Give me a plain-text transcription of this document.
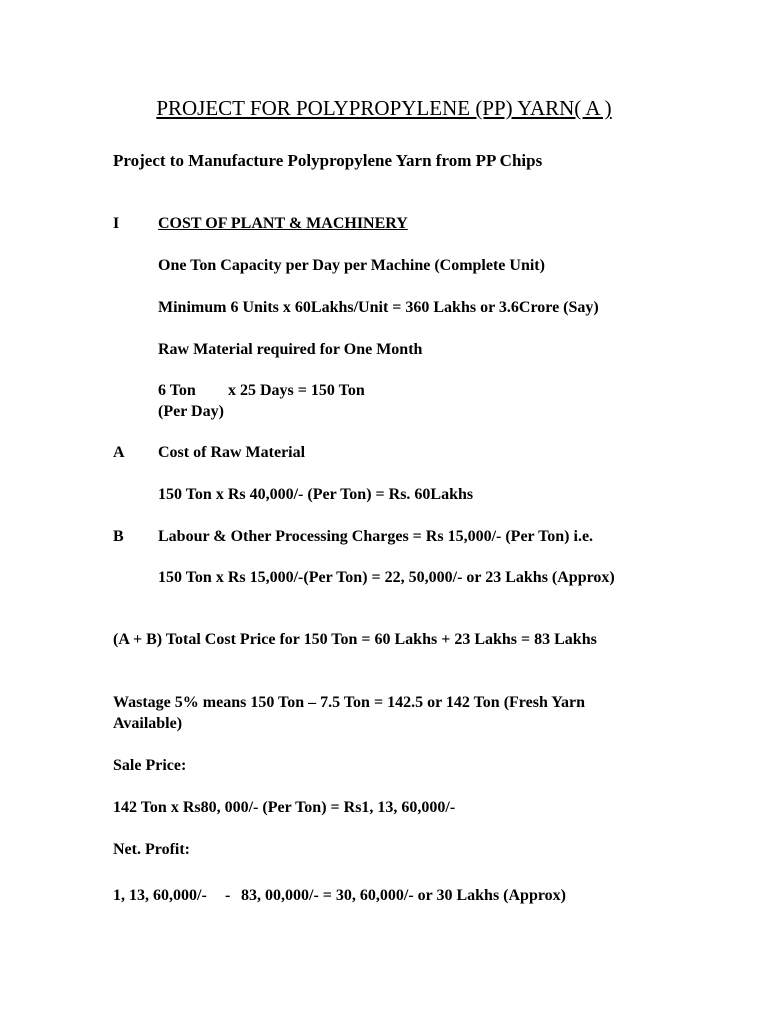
PROJECT FOR POLYPROPYLENE (PP) YARN( A )
Project to Manufacture Polypropylene Yarn from PP Chips
I COST OF PLANT & MACHINERY
One Ton Capacity per Day per Machine (Complete Unit)
Minimum 6 Units x 60Lakhs/Unit = 360 Lakhs or 3.6Crore (Say)
Raw Material required for One Month
6 Ton x 25 Days = 150 Ton
(Per Day)
A Cost of Raw Material
150 Ton x Rs 40,000/- (Per Ton) = Rs. 60Lakhs
B Labour & Other Processing Charges = Rs 15,000/- (Per Ton) i.e.
150 Ton x Rs 15,000/-(Per Ton) = 22, 50,000/- or 23 Lakhs (Approx)
(A + B) Total Cost Price for 150 Ton = 60 Lakhs + 23 Lakhs = 83 Lakhs
Wastage 5% means 150 Ton – 7.5 Ton = 142.5 or 142 Ton (Fresh Yarn
Available)
Sale Price:
142 Ton x Rs80, 000/- (Per Ton) = Rs1, 13, 60,000/-
Net. Profit:
1, 13, 60,000/- - 83, 00,000/- = 30, 60,000/- or 30 Lakhs (Approx)
